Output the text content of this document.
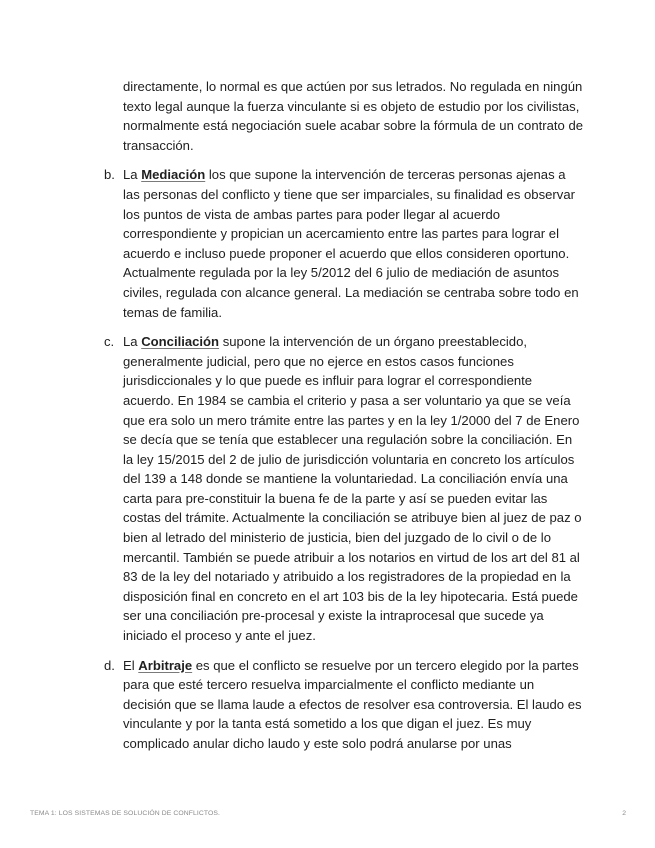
directamente, lo normal es que actúen por sus letrados. No regulada en ningún texto legal aunque la fuerza vinculante si es objeto de estudio por los civilistas, normalmente está negociación suele acabar sobre la fórmula de un contrato de transacción.

b. La Mediación los que supone la intervención de terceras personas ajenas a las personas del conflicto y tiene que ser imparciales, su finalidad es observar los puntos de vista de ambas partes para poder llegar al acuerdo correspondiente y propician un acercamiento entre las partes para lograr el acuerdo e incluso puede proponer el acuerdo que ellos consideren oportuno. Actualmente regulada por la ley 5/2012 del 6 julio de mediación de asuntos civiles, regulada con alcance general. La mediación se centraba sobre todo en temas de familia.
c. La Conciliación supone la intervención de un órgano preestablecido, generalmente judicial, pero que no ejerce en estos casos funciones jurisdiccionales y lo que puede es influir para lograr el correspondiente acuerdo. En 1984 se cambia el criterio y pasa a ser voluntario ya que se veía que era solo un mero trámite entre las partes y en la ley 1/2000 del 7 de Enero se decía que se tenía que establecer una regulación sobre la conciliación. En la ley 15/2015 del 2 de julio de jurisdicción voluntaria en concreto los artículos del 139 a 148 donde se mantiene la voluntariedad. La conciliación envía una carta para pre-constituir la buena fe de la parte y así se pueden evitar las costas del trámite. Actualmente la conciliación se atribuye bien al juez de paz o bien al letrado del ministerio de justicia, bien del juzgado de lo civil o de lo mercantil. También se puede atribuir a los notarios en virtud de los art del 81 al 83 de la ley del notariado y atribuido a los registradores de la propiedad en la disposición final en concreto en el art 103 bis de la ley hipotecaria. Está puede ser una conciliación pre-procesal y existe la intraprocesal que sucede ya iniciado el proceso y ante el juez.
d. El Arbitraje es que el conflicto se resuelve por un tercero elegido por la partes para que esté tercero resuelva imparcialmente el conflicto mediante un decisión que se llama laude a efectos de resolver esa controversia. El laudo es vinculante y por la tanta está sometido a los que digan el juez. Es muy complicado anular dicho laudo y este solo podrá anularse por unas
TEMA 1: LOS SISTEMAS DE SOLUCIÓN DE CONFLICTOS.	2
